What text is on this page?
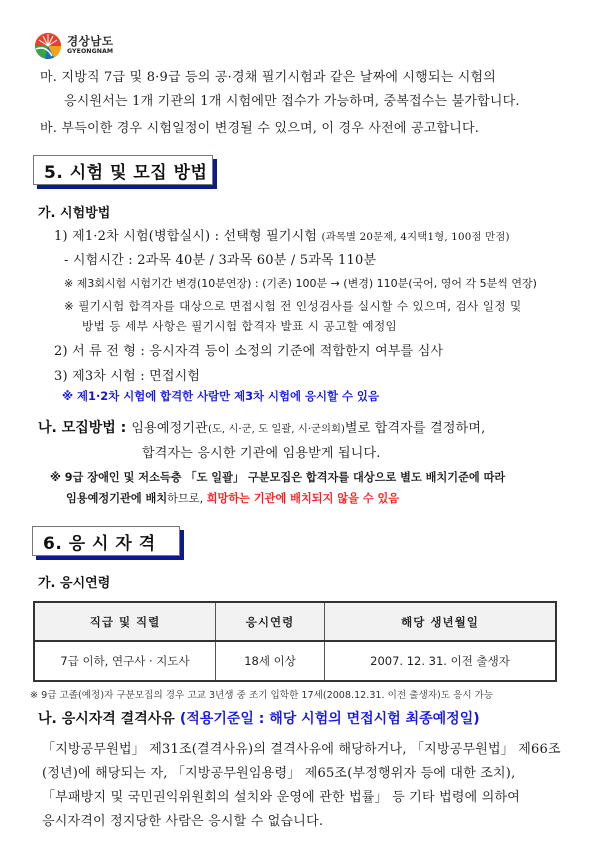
경상남도
GYEONGNAM
마. 지방직 7급 및 8·9급 등의 공·경채 필기시험과 같은 날짜에 시행되는 시험의
응시원서는 1개 기관의 1개 시험에만 접수가 가능하며, 중복접수는 불가합니다.
바. 부득이한 경우 시험일정이 변경될 수 있으며, 이 경우 사전에 공고합니다.
5. 시험 및 모집 방법
가. 시험방법
1) 제1·2차 시험(병합실시) : 선택형 필기시험 (과목별 20문제, 4지택1형, 100점 만점)
- 시험시간 : 2과목 40분 / 3과목 60분 / 5과목 110분
※ 제3회시험 시험기간 변경(10분연장) : (기존) 100분 → (변경) 110분(국어, 영어 각 5분씩 연장)
※ 필기시험 합격자를 대상으로 면접시험 전 인성검사를 실시할 수 있으며, 검사 일정 및
방법 등 세부 사항은 필기시험 합격자 발표 시 공고할 예정임
2) 서 류 전 형 : 응시자격 등이 소정의 기준에 적합한지 여부를 심사
3) 제3차 시험 : 면접시험
※ 제1·2차 시험에 합격한 사람만 제3차 시험에 응시할 수 있음
나. 모집방법 : 임용예정기관(도, 시·군, 도 일괄, 시·군의회)별로 합격자를 결정하며,
합격자는 응시한 기관에 임용받게 됩니다.
※ 9급 장애인 및 저소득층 「도 일괄」 구분모집은 합격자를 대상으로 별도 배치기준에 따라
임용예정기관에 배치하므로, 희망하는 기관에 배치되지 않을 수 있음
6. 응 시 자 격
가. 응시연령
직급 및 직렬	응시연령	해당 생년월일
7급 이하, 연구사 · 지도사	18세 이상	2007. 12. 31. 이전 출생자
※ 9급 고졸(예정)자 구분모집의 경우 고교 3년생 중 조기 입학한 17세(2008.12.31. 이전 출생자)도 응시 가능
나. 응시자격 결격사유 (적용기준일 : 해당 시험의 면접시험 최종예정일)
「지방공무원법」 제31조(결격사유)의 결격사유에 해당하거나, 「지방공무원법」 제66조
(정년)에 해당되는 자, 「지방공무원임용령」 제65조(부정행위자 등에 대한 조치),
「부패방지 및 국민권익위원회의 설치와 운영에 관한 법률」 등 기타 법령에 의하여
응시자격이 정지당한 사람은 응시할 수 없습니다.
